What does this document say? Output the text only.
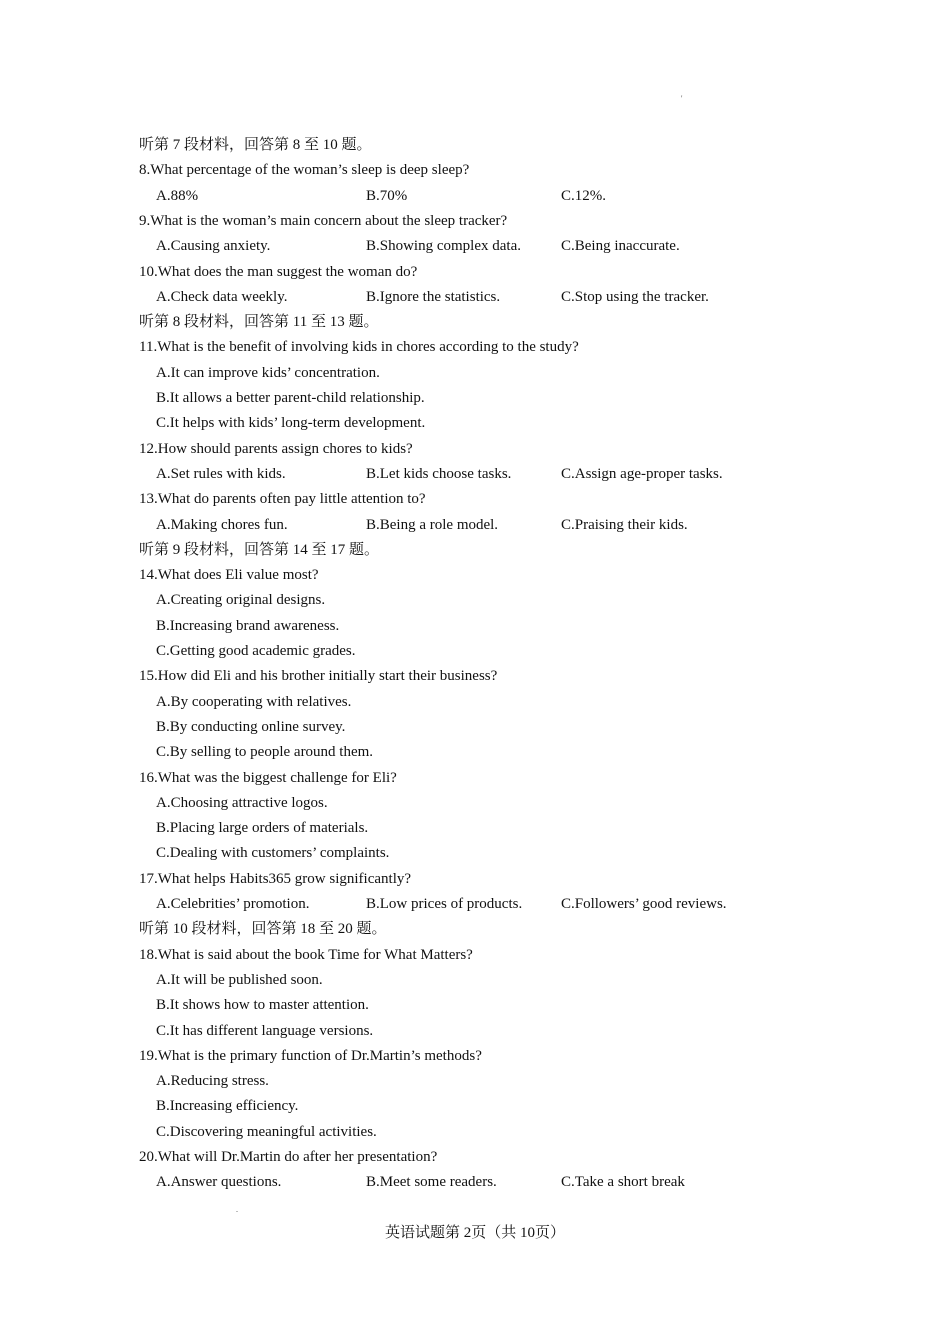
'
.
听第 7 段材料，回答第 8 至 10 题。
8.What percentage of the woman’s sleep is deep sleep?
A.88%	B.70%	C.12%.
9.What is the woman’s main concern about the sleep tracker?
A.Causing anxiety.	B.Showing complex data.	C.Being inaccurate.
10.What does the man suggest the woman do?
A.Check data weekly.	B.Ignore the statistics.	C.Stop using the tracker.
听第 8 段材料，回答第 11 至 13 题。
11.What is the benefit of involving kids in chores according to the study?
A.It can improve kids’ concentration.
B.It allows a better parent-child relationship.
C.It helps with kids’ long-term development.
12.How should parents assign chores to kids?
A.Set rules with kids.	B.Let kids choose tasks.	C.Assign age-proper tasks.
13.What do parents often pay little attention to?
A.Making chores fun.	B.Being a role model.	C.Praising their kids.
听第 9 段材料，回答第 14 至 17 题。
14.What does Eli value most?
A.Creating original designs.
B.Increasing brand awareness.
C.Getting good academic grades.
15.How did Eli and his brother initially start their business?
A.By cooperating with relatives.
B.By conducting online survey.
C.By selling to people around them.
16.What was the biggest challenge for Eli?
A.Choosing attractive logos.
B.Placing large orders of materials.
C.Dealing with customers’ complaints.
17.What helps Habits365 grow significantly?
A.Celebrities’ promotion.	B.Low prices of products.	C.Followers’ good reviews.
听第 10 段材料，回答第 18 至 20 题。
18.What is said about the book Time for What Matters?
A.It will be published soon.
B.It shows how to master attention.
C.It has different language versions.
19.What is the primary function of Dr.Martin’s methods?
A.Reducing stress.
B.Increasing efficiency.
C.Discovering meaningful activities.
20.What will Dr.Martin do after her presentation?
A.Answer questions.	B.Meet some readers.	C.Take a short break
英语试题第 2页（共 10页）
